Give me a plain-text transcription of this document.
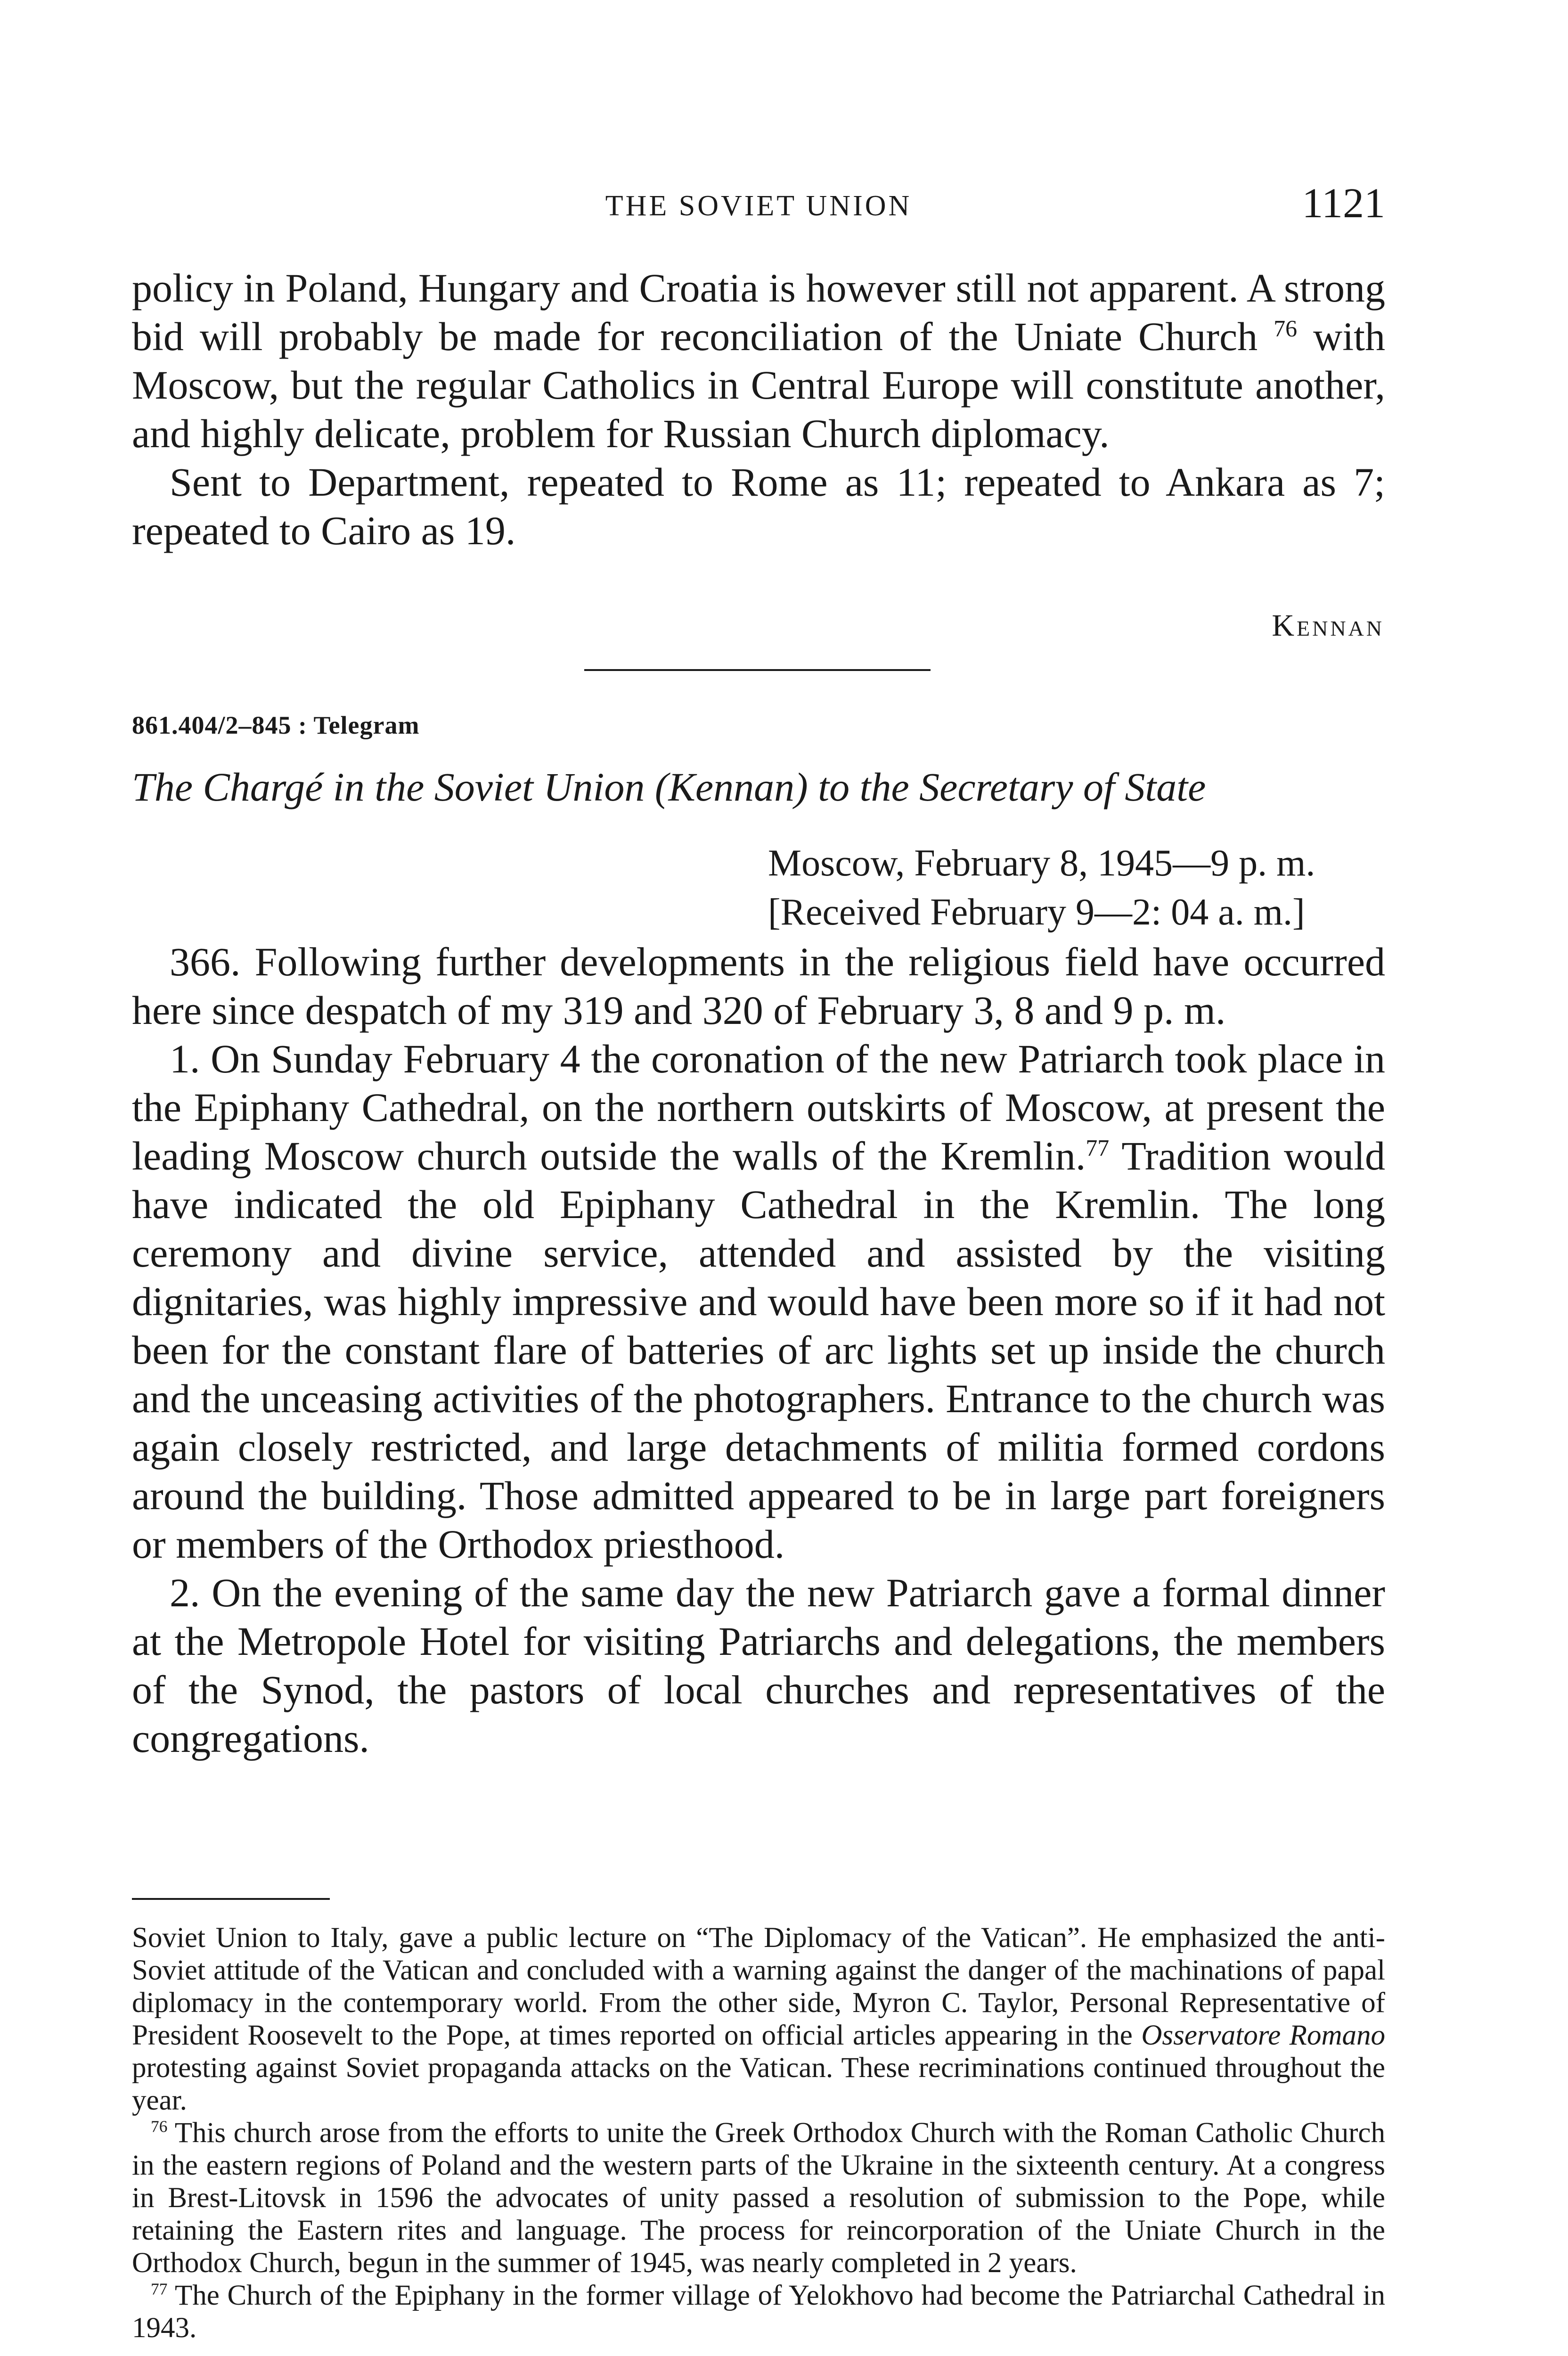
THE SOVIET UNION	1121

policy in Poland, Hungary and Croatia is however still not apparent. A strong bid will probably be made for reconciliation of the Uniate Church $^{76}$ with Moscow, but the regular Catholics in Central Europe will constitute another, and highly delicate, problem for Russian Church diplomacy.

Sent to Department, repeated to Rome as 11; repeated to Ankara as 7; repeated to Cairo as 19.

Kennan
861.404/2–845 : Telegram
The Chargé in the Soviet Union (Kennan) to the Secretary of State
Moscow, February 8, 1945—9 p. m.
[Received February 9—2: 04 a. m.]

366. Following further developments in the religious field have occurred here since despatch of my 319 and 320 of February 3, 8 and 9 p. m.

1. On Sunday February 4 the coronation of the new Patriarch took place in the Epiphany Cathedral, on the northern outskirts of Moscow, at present the leading Moscow church outside the walls of the Kremlin.$^{77}$ Tradition would have indicated the old Epiphany Cathedral in the Kremlin. The long ceremony and divine service, attended and assisted by the visiting dignitaries, was highly impressive and would have been more so if it had not been for the constant flare of batteries of arc lights set up inside the church and the unceasing activities of the photographers. Entrance to the church was again closely restricted, and large detachments of militia formed cordons around the building. Those admitted appeared to be in large part foreigners or members of the Orthodox priesthood.

2. On the evening of the same day the new Patriarch gave a formal dinner at the Metropole Hotel for visiting Patriarchs and delegations, the members of the Synod, the pastors of local churches and representatives of the congregations.

Soviet Union to Italy, gave a public lecture on “The Diplomacy of the Vatican”. He emphasized the anti-Soviet attitude of the Vatican and concluded with a warning against the danger of the machinations of papal diplomacy in the contemporary world. From the other side, Myron C. Taylor, Personal Representative of President Roosevelt to the Pope, at times reported on official articles appearing in the Osservatore Romano protesting against Soviet propaganda attacks on the Vatican. These recriminations continued throughout the year.

$^{76}$ This church arose from the efforts to unite the Greek Orthodox Church with the Roman Catholic Church in the eastern regions of Poland and the western parts of the Ukraine in the sixteenth century. At a congress in Brest-Litovsk in 1596 the advocates of unity passed a resolution of submission to the Pope, while retaining the Eastern rites and language. The process for reincorporation of the Uniate Church in the Orthodox Church, begun in the summer of 1945, was nearly completed in 2 years.

$^{77}$ The Church of the Epiphany in the former village of Yelokhovo had become the Patriarchal Cathedral in 1943.
